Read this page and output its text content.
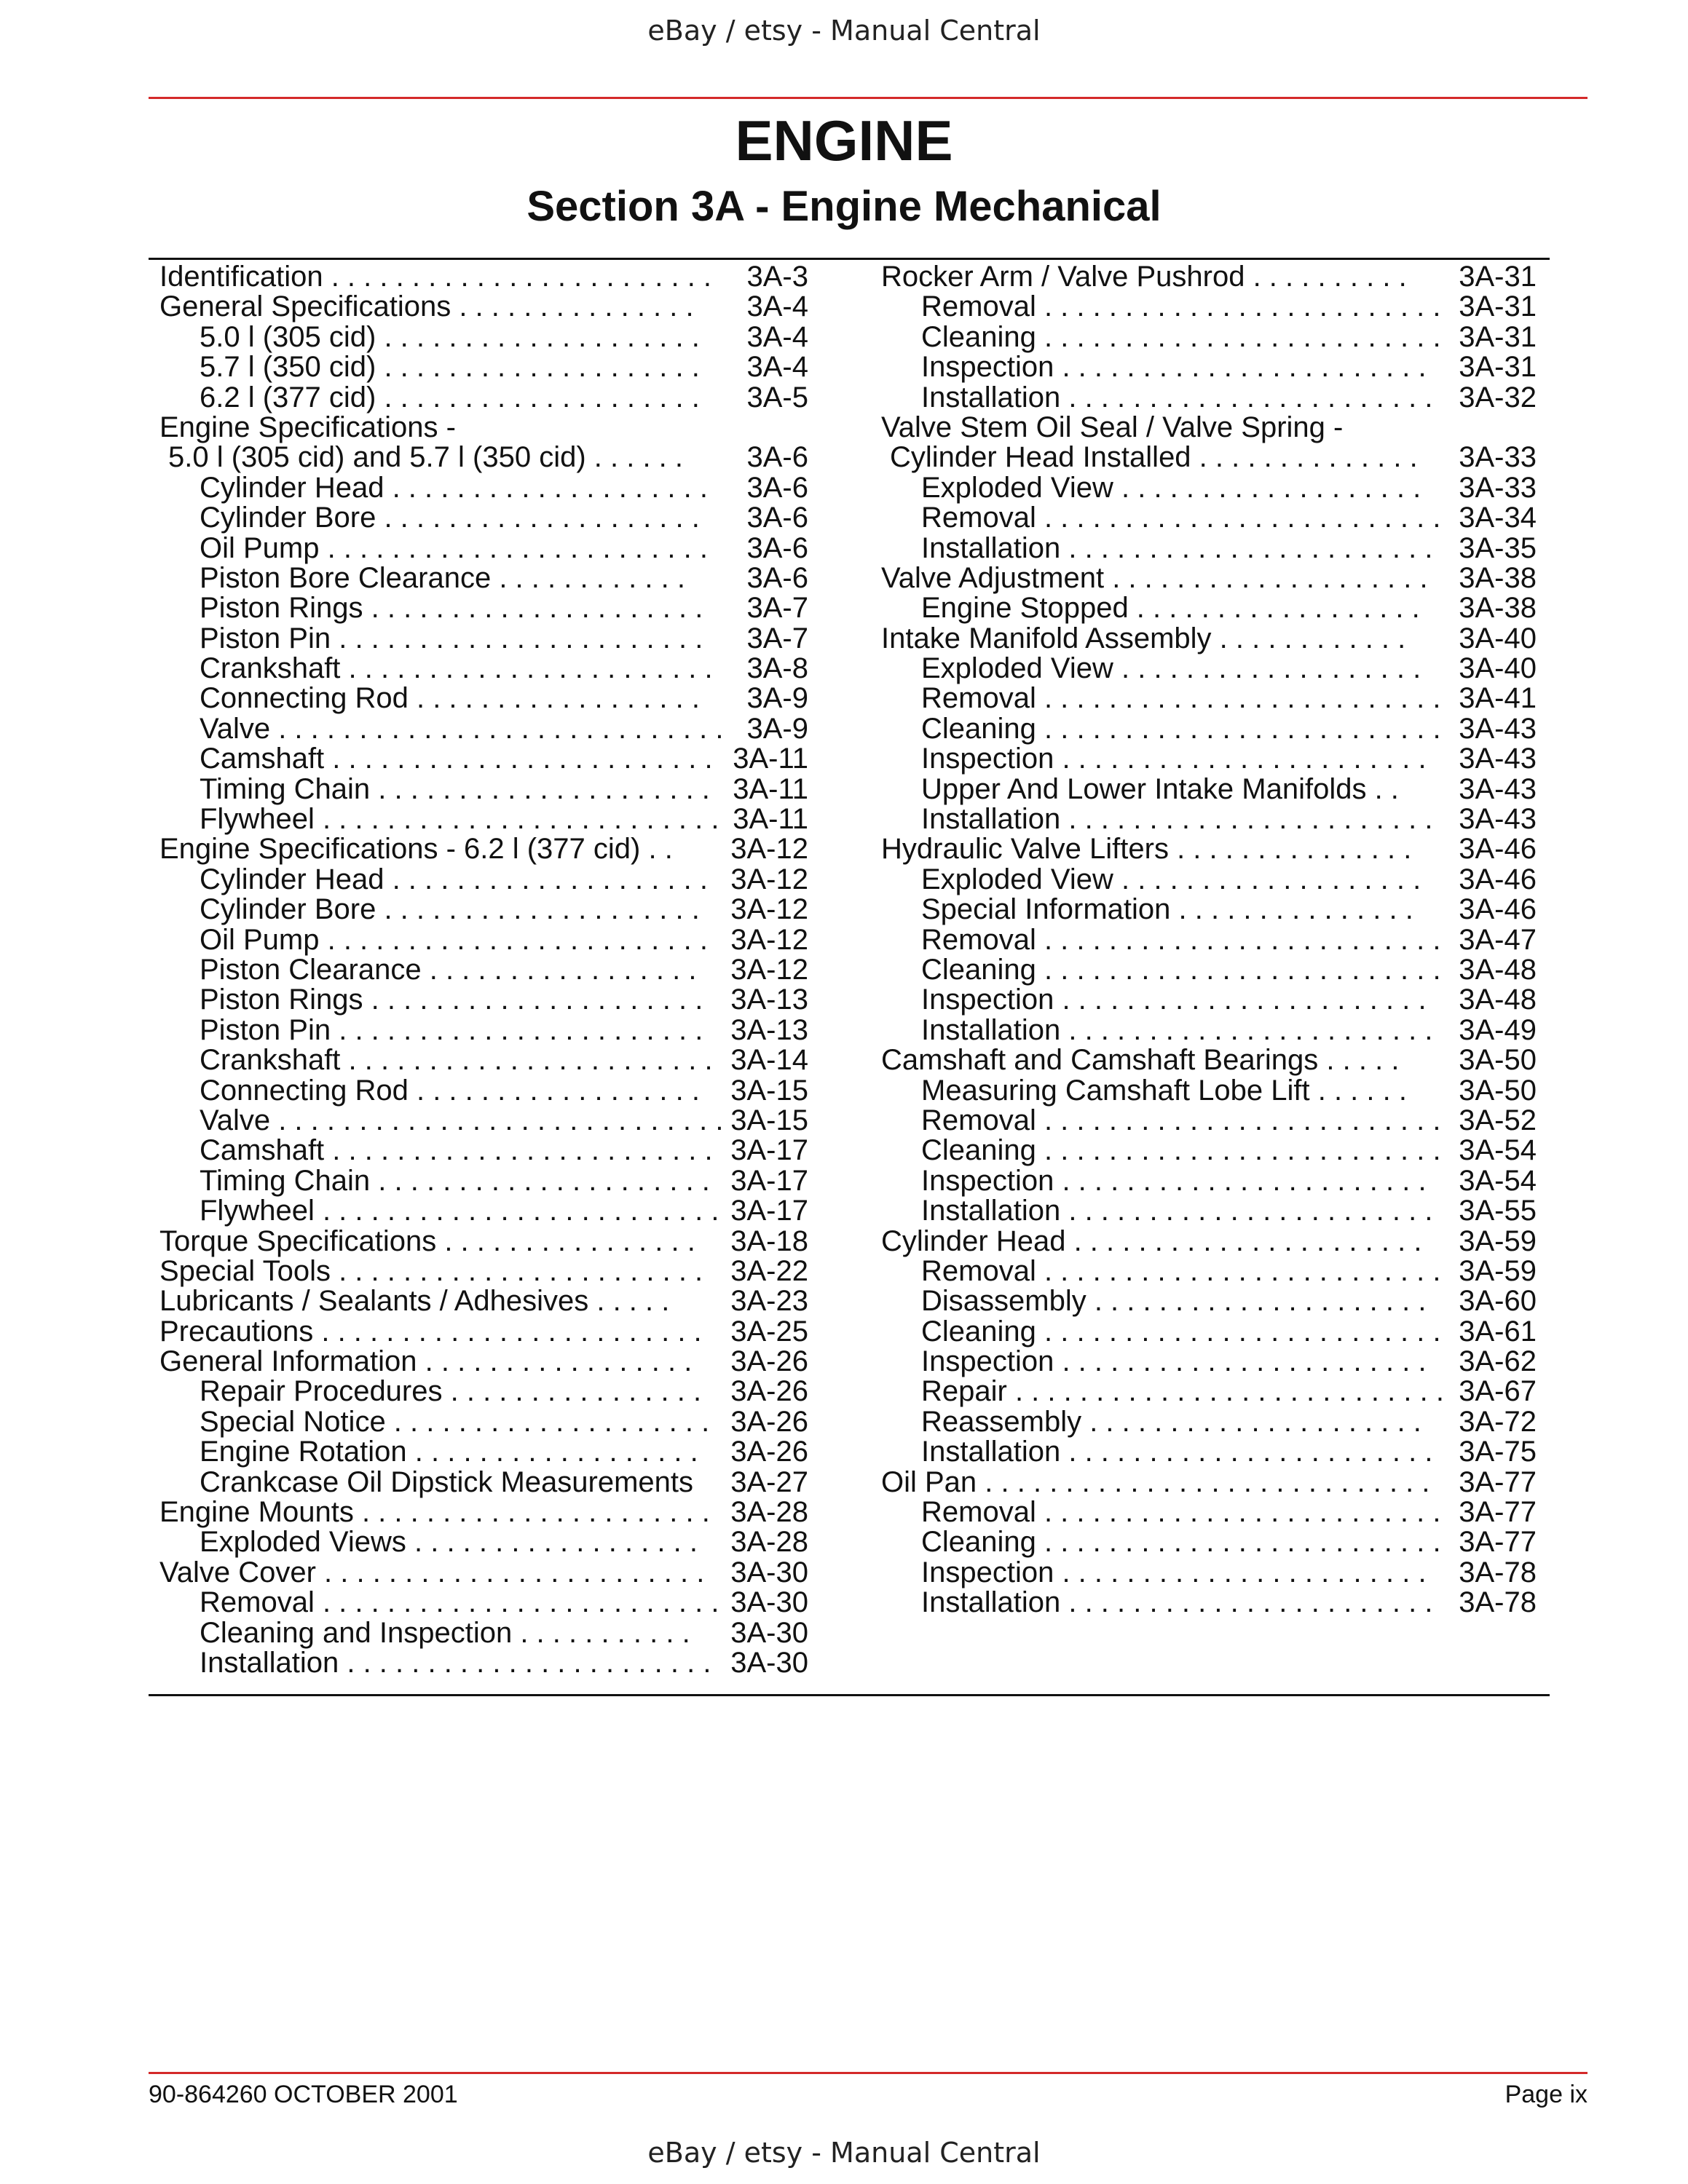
eBay / etsy - Manual Central
ENGINE
Section 3A - Engine Mechanical
Identification . . . . . . . . . . . . . . . . . . . . . . . . 3A-3
General Specifications . . . . . . . . . . . . . . . 3A-4
5.0 l (305 cid) . . . . . . . . . . . . . . . . . . . . 3A-4
5.7 l (350 cid) . . . . . . . . . . . . . . . . . . . . 3A-4
6.2 l (377 cid) . . . . . . . . . . . . . . . . . . . . 3A-5
Engine Specifications -
5.0 l (305 cid) and 5.7 l (350 cid) . . . . . . 3A-6
Cylinder Head . . . . . . . . . . . . . . . . . . . . 3A-6
Cylinder Bore . . . . . . . . . . . . . . . . . . . . 3A-6
Oil Pump . . . . . . . . . . . . . . . . . . . . . . . . 3A-6
Piston Bore Clearance . . . . . . . . . . . . 3A-6
Piston Rings . . . . . . . . . . . . . . . . . . . . . 3A-7
Piston Pin . . . . . . . . . . . . . . . . . . . . . . . 3A-7
Crankshaft . . . . . . . . . . . . . . . . . . . . . . . 3A-8
Connecting Rod . . . . . . . . . . . . . . . . . . 3A-9
Valve . . . . . . . . . . . . . . . . . . . . . . . . . . . . 3A-9
Camshaft . . . . . . . . . . . . . . . . . . . . . . . . 3A-11
Timing Chain . . . . . . . . . . . . . . . . . . . . . 3A-11
Flywheel . . . . . . . . . . . . . . . . . . . . . . . . . 3A-11
Engine Specifications - 6.2 l (377 cid) . . 3A-12
Cylinder Head . . . . . . . . . . . . . . . . . . . . 3A-12
Cylinder Bore . . . . . . . . . . . . . . . . . . . . 3A-12
Oil Pump . . . . . . . . . . . . . . . . . . . . . . . . 3A-12
Piston Clearance . . . . . . . . . . . . . . . . . 3A-12
Piston Rings . . . . . . . . . . . . . . . . . . . . . 3A-13
Piston Pin . . . . . . . . . . . . . . . . . . . . . . . 3A-13
Crankshaft . . . . . . . . . . . . . . . . . . . . . . . 3A-14
Connecting Rod . . . . . . . . . . . . . . . . . . 3A-15
Valve . . . . . . . . . . . . . . . . . . . . . . . . . . . . 3A-15
Camshaft . . . . . . . . . . . . . . . . . . . . . . . . 3A-17
Timing Chain . . . . . . . . . . . . . . . . . . . . . 3A-17
Flywheel . . . . . . . . . . . . . . . . . . . . . . . . . 3A-17
Torque Specifications . . . . . . . . . . . . . . . . 3A-18
Special Tools . . . . . . . . . . . . . . . . . . . . . . . 3A-22
Lubricants / Sealants / Adhesives . . . . . 3A-23
Precautions . . . . . . . . . . . . . . . . . . . . . . . . 3A-25
General Information . . . . . . . . . . . . . . . . . 3A-26
Repair Procedures . . . . . . . . . . . . . . . . 3A-26
Special Notice . . . . . . . . . . . . . . . . . . . . 3A-26
Engine Rotation . . . . . . . . . . . . . . . . . . 3A-26
Crankcase Oil Dipstick Measurements 3A-27
Engine Mounts . . . . . . . . . . . . . . . . . . . . . . 3A-28
Exploded Views . . . . . . . . . . . . . . . . . . 3A-28
Valve Cover . . . . . . . . . . . . . . . . . . . . . . . . 3A-30
Removal . . . . . . . . . . . . . . . . . . . . . . . . . 3A-30
Cleaning and Inspection . . . . . . . . . . . 3A-30
Installation . . . . . . . . . . . . . . . . . . . . . . . 3A-30
Rocker Arm / Valve Pushrod . . . . . . . . . . 3A-31
Removal . . . . . . . . . . . . . . . . . . . . . . . . . 3A-31
Cleaning . . . . . . . . . . . . . . . . . . . . . . . . . 3A-31
Inspection . . . . . . . . . . . . . . . . . . . . . . . 3A-31
Installation . . . . . . . . . . . . . . . . . . . . . . . 3A-32
Valve Stem Oil Seal / Valve Spring -
Cylinder Head Installed . . . . . . . . . . . . . . 3A-33
Exploded View . . . . . . . . . . . . . . . . . . . 3A-33
Removal . . . . . . . . . . . . . . . . . . . . . . . . . 3A-34
Installation . . . . . . . . . . . . . . . . . . . . . . . 3A-35
Valve Adjustment . . . . . . . . . . . . . . . . . . . . 3A-38
Engine Stopped . . . . . . . . . . . . . . . . . . 3A-38
Intake Manifold Assembly . . . . . . . . . . . . 3A-40
Exploded View . . . . . . . . . . . . . . . . . . . 3A-40
Removal . . . . . . . . . . . . . . . . . . . . . . . . . 3A-41
Cleaning . . . . . . . . . . . . . . . . . . . . . . . . . 3A-43
Inspection . . . . . . . . . . . . . . . . . . . . . . . 3A-43
Upper And Lower Intake Manifolds . . 3A-43
Installation . . . . . . . . . . . . . . . . . . . . . . . 3A-43
Hydraulic Valve Lifters . . . . . . . . . . . . . . . 3A-46
Exploded View . . . . . . . . . . . . . . . . . . . 3A-46
Special Information . . . . . . . . . . . . . . . 3A-46
Removal . . . . . . . . . . . . . . . . . . . . . . . . . 3A-47
Cleaning . . . . . . . . . . . . . . . . . . . . . . . . . 3A-48
Inspection . . . . . . . . . . . . . . . . . . . . . . . 3A-48
Installation . . . . . . . . . . . . . . . . . . . . . . . 3A-49
Camshaft and Camshaft Bearings . . . . . 3A-50
Measuring Camshaft Lobe Lift . . . . . . 3A-50
Removal . . . . . . . . . . . . . . . . . . . . . . . . . 3A-52
Cleaning . . . . . . . . . . . . . . . . . . . . . . . . . 3A-54
Inspection . . . . . . . . . . . . . . . . . . . . . . . 3A-54
Installation . . . . . . . . . . . . . . . . . . . . . . . 3A-55
Cylinder Head . . . . . . . . . . . . . . . . . . . . . . 3A-59
Removal . . . . . . . . . . . . . . . . . . . . . . . . . 3A-59
Disassembly . . . . . . . . . . . . . . . . . . . . . 3A-60
Cleaning . . . . . . . . . . . . . . . . . . . . . . . . . 3A-61
Inspection . . . . . . . . . . . . . . . . . . . . . . . 3A-62
Repair . . . . . . . . . . . . . . . . . . . . . . . . . . . 3A-67
Reassembly . . . . . . . . . . . . . . . . . . . . . 3A-72
Installation . . . . . . . . . . . . . . . . . . . . . . . 3A-75
Oil Pan . . . . . . . . . . . . . . . . . . . . . . . . . . . . 3A-77
Removal . . . . . . . . . . . . . . . . . . . . . . . . . 3A-77
Cleaning . . . . . . . . . . . . . . . . . . . . . . . . . 3A-77
Inspection . . . . . . . . . . . . . . . . . . . . . . . 3A-78
Installation . . . . . . . . . . . . . . . . . . . . . . . 3A-78
90-864260 OCTOBER 2001	Page ix
eBay / etsy - Manual Central
